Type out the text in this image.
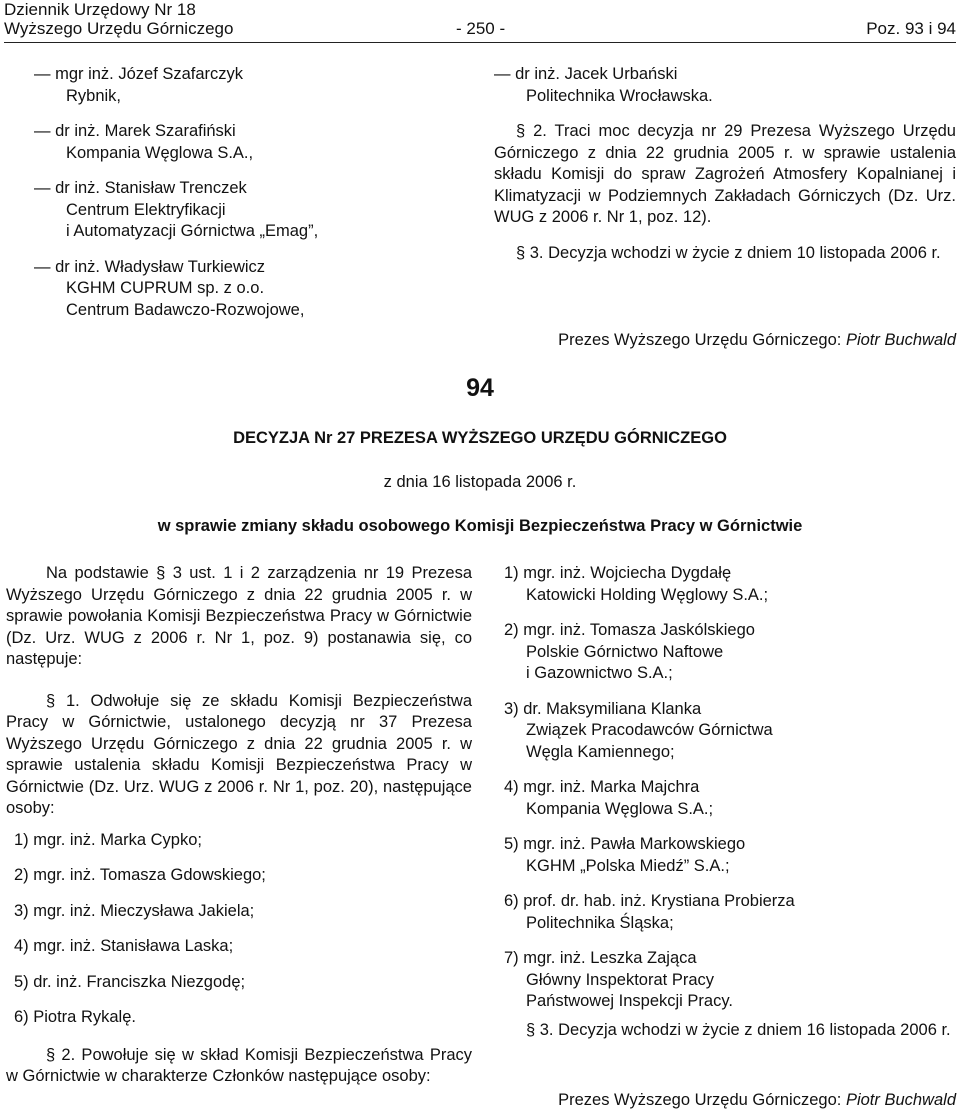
Dziennik Urzędowy Nr 18
Wyższego Urzędu Górniczego	- 250 -	Poz. 93 i 94
— mgr inż. Józef Szafarczyk
Rybnik,
— dr inż. Marek Szarafiński
Kompania Węglowa S.A.,
— dr inż. Stanisław Trenczek
Centrum Elektryfikacji
i Automatyzacji Górnictwa „Emag”,
— dr inż. Władysław Turkiewicz
KGHM CUPRUM sp. z o.o.
Centrum Badawczo-Rozwojowe,
— dr inż. Jacek Urbański
Politechnika Wrocławska.

§ 2. Traci moc decyzja nr 29 Prezesa Wyższego Urzędu Górniczego z dnia 22 grudnia 2005 r. w sprawie ustalenia składu Komisji do spraw Zagrożeń Atmosfery Kopalnianej i Klimatyzacji w Podziemnych Zakładach Górniczych (Dz. Urz. WUG z 2006 r. Nr 1, poz. 12).

§ 3. Decyzja wchodzi w życie z dniem 10 listopada 2006 r.

Prezes Wyższego Urzędu Górniczego: Piotr Buchwald
94
DECYZJA Nr 27 PREZESA WYŻSZEGO URZĘDU GÓRNICZEGO
z dnia 16 listopada 2006 r.
w sprawie zmiany składu osobowego Komisji Bezpieczeństwa Pracy w Górnictwie

Na podstawie § 3 ust. 1 i 2 zarządzenia nr 19 Prezesa Wyższego Urzędu Górniczego z dnia 22 grudnia 2005 r. w sprawie powołania Komisji Bezpieczeństwa Pracy w Górnictwie (Dz. Urz. WUG z 2006 r. Nr 1, poz. 9) postanawia się, co następuje:

§ 1. Odwołuje się ze składu Komisji Bezpieczeństwa Pracy w Górnictwie, ustalonego decyzją nr 37 Prezesa Wyższego Urzędu Górniczego z dnia 22 grudnia 2005 r. w sprawie ustalenia składu Komisji Bezpieczeństwa Pracy w Górnictwie (Dz. Urz. WUG z 2006 r. Nr 1, poz. 20), następujące osoby:

1) mgr. inż. Marka Cypko;
2) mgr. inż. Tomasza Gdowskiego;
3) mgr. inż. Mieczysława Jakiela;
4) mgr. inż. Stanisława Laska;
5) dr. inż. Franciszka Niezgodę;
6) Piotra Rykalę.

§ 2. Powołuje się w skład Komisji Bezpieczeństwa Pracy w Górnictwie w charakterze Członków następujące osoby:

1) mgr. inż. Wojciecha Dygdałę
Katowicki Holding Węglowy S.A.;
2) mgr. inż. Tomasza Jaskólskiego
Polskie Górnictwo Naftowe
i Gazownictwo S.A.;
3) dr. Maksymiliana Klanka
Związek Pracodawców Górnictwa
Węgla Kamiennego;
4) mgr. inż. Marka Majchra
Kompania Węglowa S.A.;
5) mgr. inż. Pawła Markowskiego
KGHM „Polska Miedź” S.A.;
6) prof. dr. hab. inż. Krystiana Probierza
Politechnika Śląska;
7) mgr. inż. Leszka Zająca
Główny Inspektorat Pracy
Państwowej Inspekcji Pracy.

§ 3. Decyzja wchodzi w życie z dniem 16 listopada 2006 r.

Prezes Wyższego Urzędu Górniczego: Piotr Buchwald
